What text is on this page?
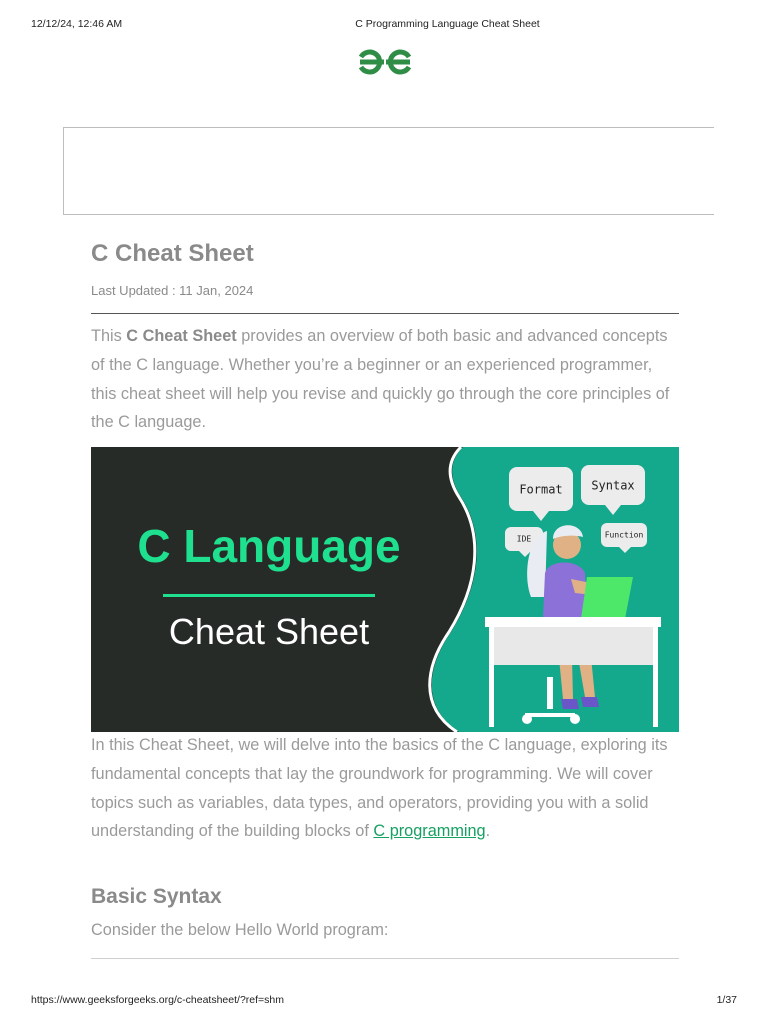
12/12/24, 12:46 AM	C Programming Language Cheat Sheet
C Cheat Sheet
Last Updated : 11 Jan, 2024

This C Cheat Sheet provides an overview of both basic and advanced concepts of the C language. Whether you’re a beginner or an experienced programmer, this cheat sheet will help you revise and quickly go through the core principles of the C language.

Format Syntax
IDE	Function
C Language
Cheat Sheet

In this Cheat Sheet, we will delve into the basics of the C language, exploring its fundamental concepts that lay the groundwork for programming. We will cover topics such as variables, data types, and operators, providing you with a solid understanding of the building blocks of C programming.

Basic Syntax
Consider the below Hello World program:
https://www.geeksforgeeks.org/c-cheatsheet/?ref=shm	1/37
